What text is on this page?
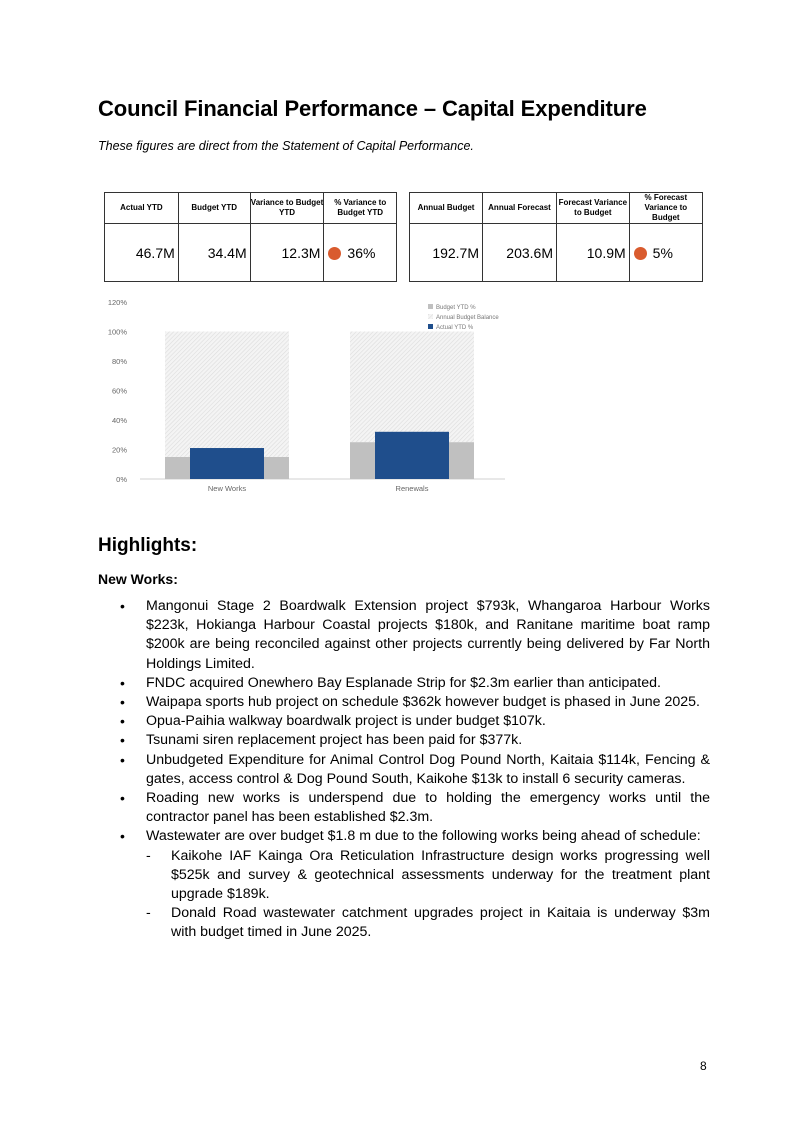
Council Financial Performance – Capital Expenditure
These figures are direct from the Statement of Capital Performance.
Actual YTD	Budget YTD	Variance to Budget YTD	% Variance to Budget YTD
46.7M	34.4M	12.3M	36%
Annual Budget	Annual Forecast	Forecast Variance to Budget	% Forecast Variance to Budget
192.7M	203.6M	10.9M	5%
0%
20%
40%
60%
80%
100%
120%
New Works	Renewals
Budget YTD %
Annual Budget Balance
Actual YTD %
Highlights:
New Works:
• Mangonui Stage 2 Boardwalk Extension project $793k, Whangaroa Harbour Works $223k, Hokianga Harbour Coastal projects $180k, and Ranitane maritime boat ramp $200k are being reconciled against other projects currently being delivered by Far North Holdings Limited.
• FNDC acquired Onewhero Bay Esplanade Strip for $2.3m earlier than anticipated.
• Waipapa sports hub project on schedule $362k however budget is phased in June 2025.
• Opua-Paihia walkway boardwalk project is under budget $107k.
• Tsunami siren replacement project has been paid for $377k.
• Unbudgeted Expenditure for Animal Control Dog Pound North, Kaitaia $114k, Fencing & gates, access control & Dog Pound South, Kaikohe $13k to install 6 security cameras.
• Roading new works is underspend due to holding the emergency works until the contractor panel has been established $2.3m.
• Wastewater are over budget $1.8 m due to the following works being ahead of schedule:
- Kaikohe IAF Kainga Ora Reticulation Infrastructure design works progressing well $525k and survey & geotechnical assessments underway for the treatment plant upgrade $189k.
- Donald Road wastewater catchment upgrades project in Kaitaia is underway $3m with budget timed in June 2025.
8
